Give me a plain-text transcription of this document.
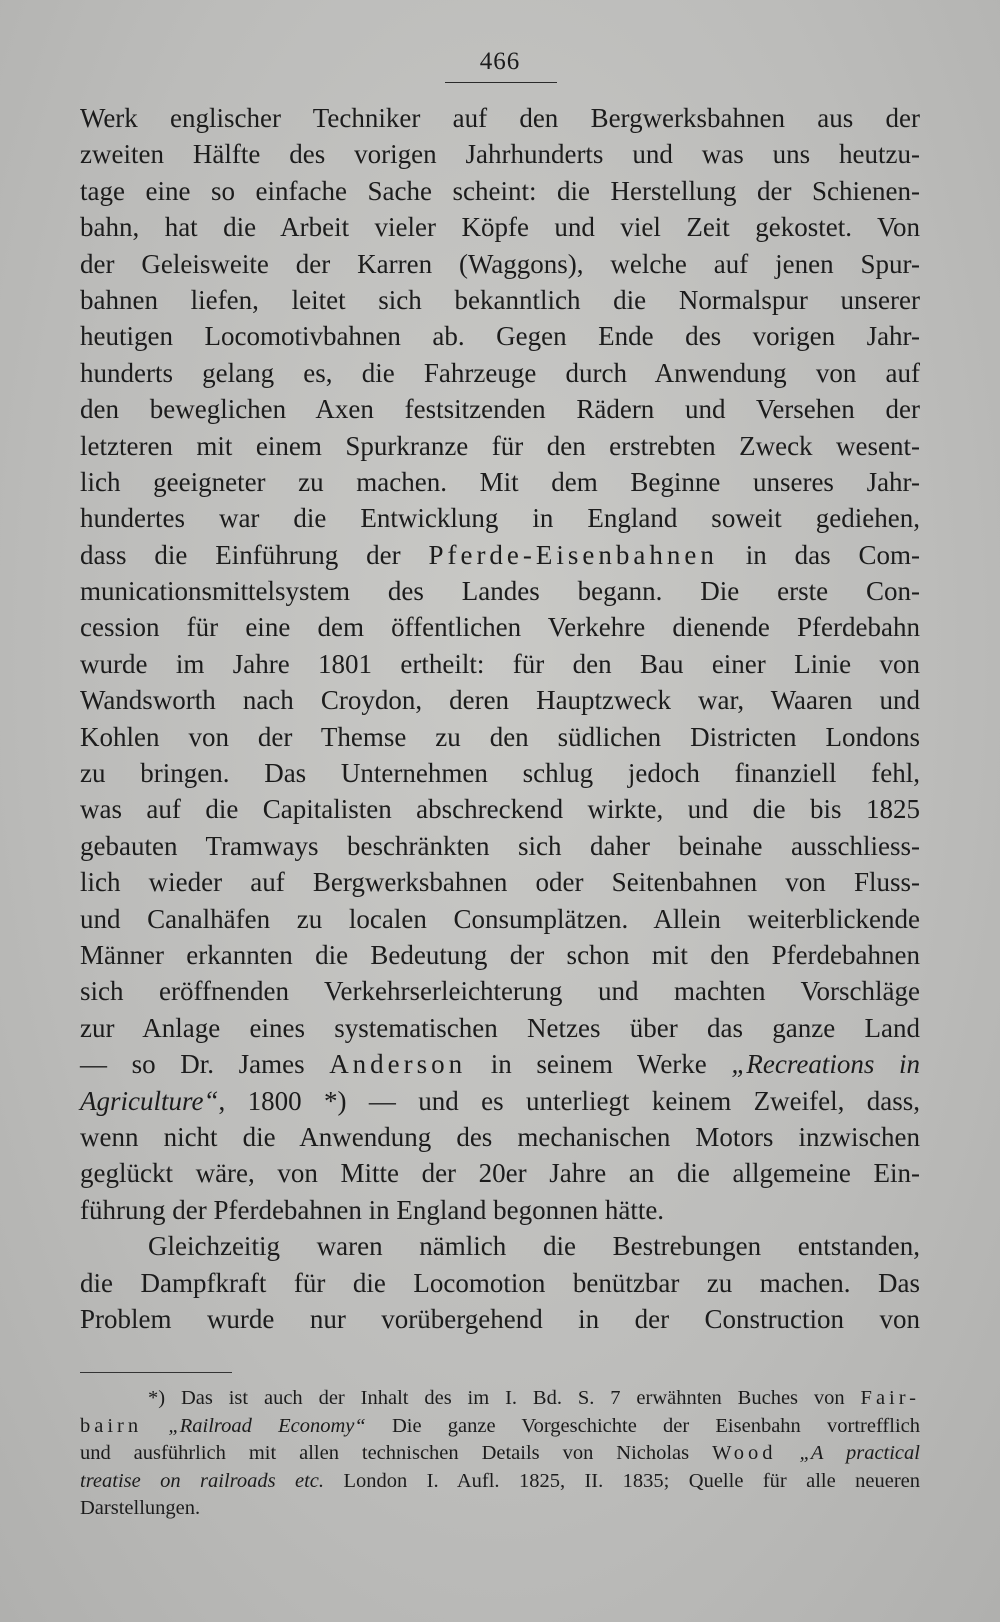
466
Werk englischer Techniker auf den Bergwerksbahnen aus der
zweiten Hälfte des vorigen Jahrhunderts und was uns heutzu-
tage eine so einfache Sache scheint: die Herstellung der Schienen-
bahn, hat die Arbeit vieler Köpfe und viel Zeit gekostet. Von
der Geleisweite der Karren (Waggons), welche auf jenen Spur-
bahnen liefen, leitet sich bekanntlich die Normalspur unserer
heutigen Locomotivbahnen ab. Gegen Ende des vorigen Jahr-
hunderts gelang es, die Fahrzeuge durch Anwendung von auf
den beweglichen Axen festsitzenden Rädern und Versehen der
letzteren mit einem Spurkranze für den erstrebten Zweck wesent-
lich geeigneter zu machen. Mit dem Beginne unseres Jahr-
hundertes war die Entwicklung in England soweit gediehen,
dass die Einführung der Pferde-Eisenbahnen in das Com-
municationsmittelsystem des Landes begann. Die erste Con-
cession für eine dem öffentlichen Verkehre dienende Pferdebahn
wurde im Jahre 1801 ertheilt: für den Bau einer Linie von
Wandsworth nach Croydon, deren Hauptzweck war, Waaren und
Kohlen von der Themse zu den südlichen Districten Londons
zu bringen. Das Unternehmen schlug jedoch finanziell fehl,
was auf die Capitalisten abschreckend wirkte, und die bis 1825
gebauten Tramways beschränkten sich daher beinahe ausschliess-
lich wieder auf Bergwerksbahnen oder Seitenbahnen von Fluss-
und Canalhäfen zu localen Consumplätzen. Allein weiterblickende
Männer erkannten die Bedeutung der schon mit den Pferdebahnen
sich eröffnenden Verkehrserleichterung und machten Vorschläge
zur Anlage eines systematischen Netzes über das ganze Land
— so Dr. James Anderson in seinem Werke „Recreations in
Agriculture“, 1800 *) — und es unterliegt keinem Zweifel, dass,
wenn nicht die Anwendung des mechanischen Motors inzwischen
geglückt wäre, von Mitte der 20er Jahre an die allgemeine Ein-
führung der Pferdebahnen in England begonnen hätte.
Gleichzeitig waren nämlich die Bestrebungen entstanden,
die Dampfkraft für die Locomotion benützbar zu machen. Das
Problem wurde nur vorübergehend in der Construction von
*) Das ist auch der Inhalt des im I. Bd. S. 7 erwähnten Buches von Fair-
bairn „Railroad Economy“ Die ganze Vorgeschichte der Eisenbahn vortrefflich
und ausführlich mit allen technischen Details von Nicholas Wood „A practical
treatise on railroads etc. London I. Aufl. 1825, II. 1835; Quelle für alle neueren
Darstellungen.
